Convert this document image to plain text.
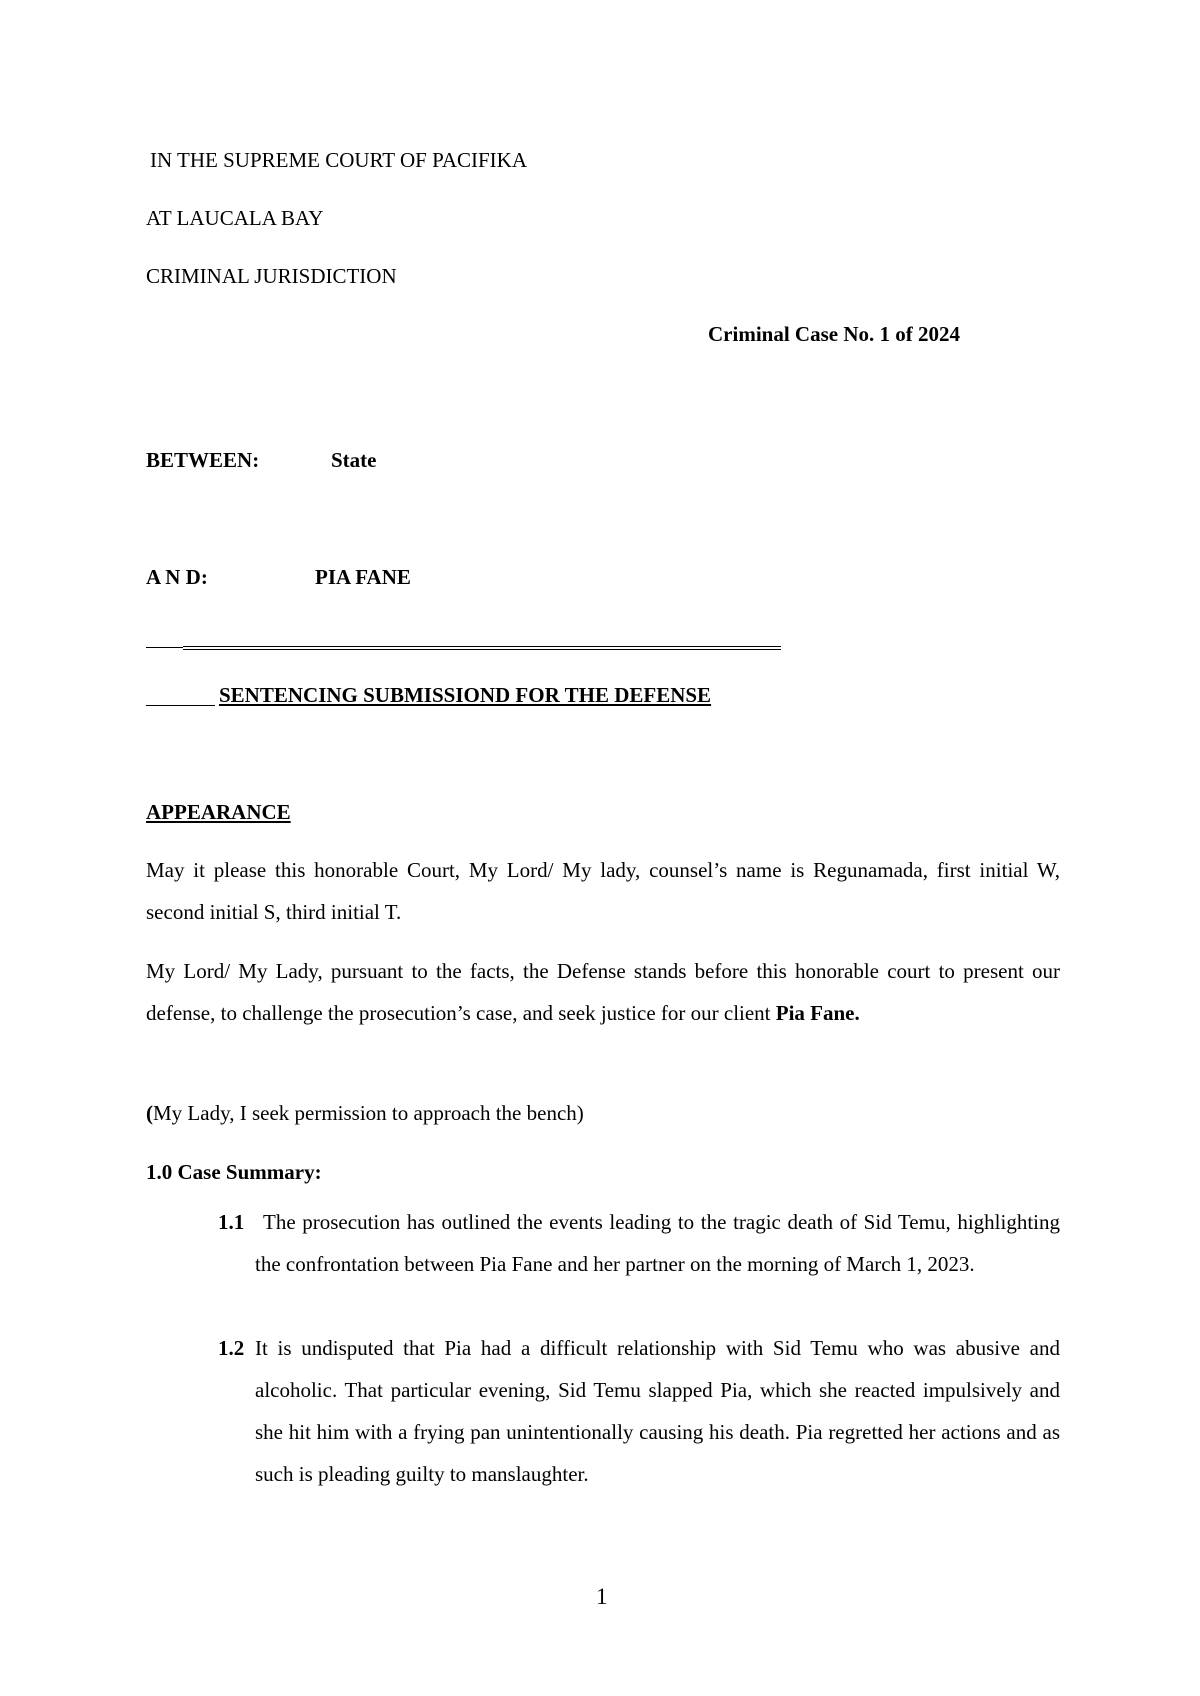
IN THE SUPREME COURT OF PACIFIKA

AT LAUCALA BAY

CRIMINAL JURISDICTION

Criminal Case No. 1 of 2024

BETWEEN:	State

A N D:	PIA FANE

SENTENCING SUBMISSIOND FOR THE DEFENSE

APPEARANCE

May it please this honorable Court, My Lord/ My lady, counsel’s name is Regunamada, first initial W, second initial S, third initial T.

My Lord/ My Lady, pursuant to the facts, the Defense stands before this honorable court to present our defense, to challenge the prosecution’s case, and seek justice for our client Pia Fane.

(My Lady, I seek permission to approach the bench)

1.0 Case Summary:

1.1 The prosecution has outlined the events leading to the tragic death of Sid Temu, highlighting the confrontation between Pia Fane and her partner on the morning of March 1, 2023.

1.2 It is undisputed that Pia had a difficult relationship with Sid Temu who was abusive and alcoholic. That particular evening, Sid Temu slapped Pia, which she reacted impulsively and she hit him with a frying pan unintentionally causing his death. Pia regretted her actions and as such is pleading guilty to manslaughter.

1
